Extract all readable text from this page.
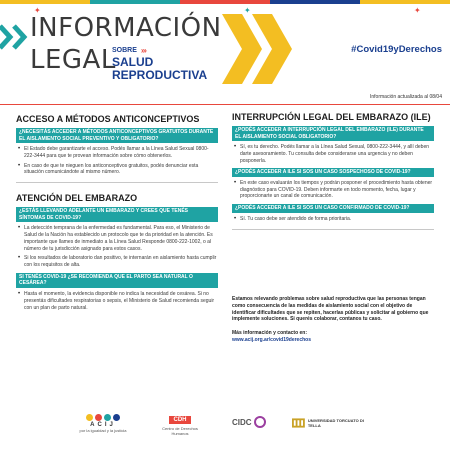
✦	✦	✦
INFORMACIÓN
LEGAL
SOBRE ›››
SALUD
REPRODUCTIVA
#Covid19yDerechos
Información actualizada al 08/04
ACCESO A MÉTODOS ANTICONCEPTIVOS
¿NECESITÁS ACCEDER A MÉTODOS ANTICONCEPTIVOS GRATUITOS DURANTE EL AISLAMIENTO SOCIAL PREVENTIVO Y OBLIGATORIO?
• El Estado debe garantizarte el acceso. Podés llamar a la Línea Salud Sexual 0800-222-3444 para que te provean información sobre cómo obtenerlos.
• En caso de que te nieguen los anticonceptivos gratuitos, podés denunciar esta situación comunicándote al mismo número.
ATENCIÓN DEL EMBARAZO
¿ESTÁS LLEVANDO ADELANTE UN EMBARAZO Y CREES QUE TENÉS SÍNTOMAS DE COVID-19?
• La detección temprana de la enfermedad es fundamental. Para eso, el Ministerio de Salud de la Nación ha establecido un protocolo que te da prioridad en la atención. Es importante que llames de inmediato a la Línea Salud Responde 0800-222-1002, o al número de tu jurisdicción asignado para estos casos.
• Si los resultados de laboratorio dan positivo, te internarán en aislamiento hasta cumplir con los requisitos de alta.
SI TENÉS COVID-19 ¿SE RECOMIENDA QUE EL PARTO SEA NATURAL O CESÁREA?
• Hasta el momento, la evidencia disponible no indica la necesidad de cesárea. Si no presentás dificultades respiratorias o sepsis, el Ministerio de Salud recomienda seguir con un plan de parto natural.
INTERRUPCIÓN LEGAL DEL EMBARAZO (ILE)
¿PODÉS ACCEDER A INTERRUPCIÓN LEGAL DEL EMBARAZO (ILE) DURANTE EL AISLAMIENTO SOCIAL OBLIGATORIO?
• Sí, es tu derecho. Podés llamar a la Línea Salud Sexual, 0800-222-3444, y allí deben darte asesoramiento. Tu consulta debe considerarse una urgencia y no deben posponerla.
¿PODÉS ACCEDER A ILE SI SOS UN CASO SOSPECHOSO DE COVID-19?
• En este caso evaluarán los tiempos y podrán posponer el procedimiento hasta obtener diagnóstico para COVID-19. Deben informarte en todo momento, fecha, lugar y proporcionarte un canal de comunicación.
¿PODÉS ACCEDER A ILE SI SOS UN CASO CONFIRMADO DE COVID-19?
• Sí. Tu caso debe ser atendido de forma prioritaria.
Estamos relevando problemas sobre salud reproductiva que las personas tengan como consecuencia de las medidas de aislamiento social con el objetivo de identificar dificultades que se repiten, hacerlas públicas y solicitar al gobierno que implemente soluciones. Si querés colaborar, contanos tu caso.
Más información y contacto en:
www.acij.org.ar/covid19derechos
ACIJ
por la igualdad y la justicia
CDH
Centro de Derechos Humanos
CIDC	UNIVERSIDAD TORCUATO DI TELLA
